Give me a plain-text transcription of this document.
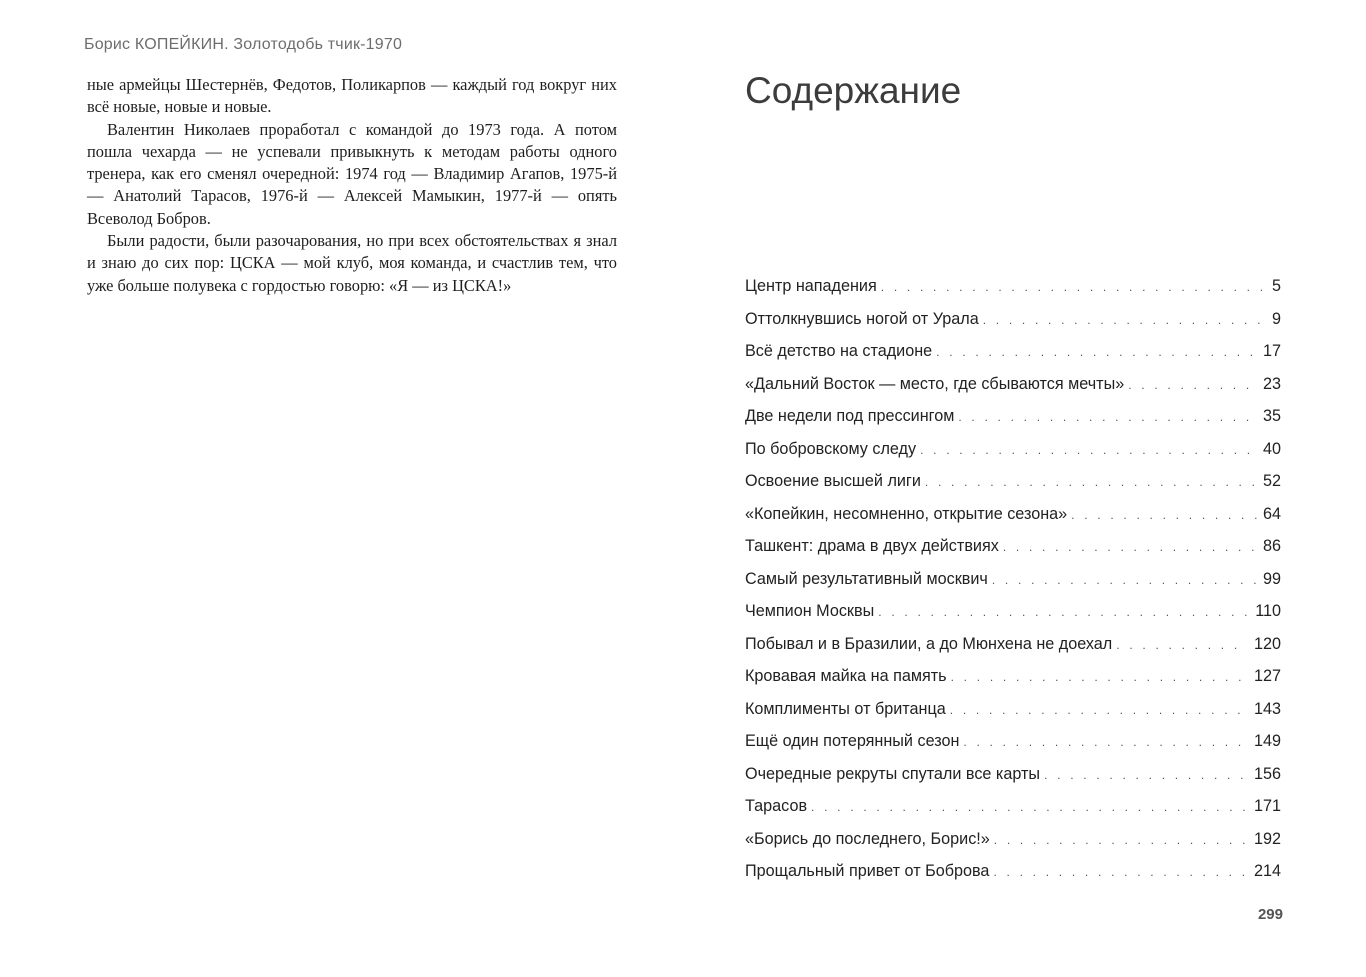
Борис КОПЕЙКИН. Золотодобь тчик-1970

ные армейцы Шестернёв, Федотов, Поликарпов — каждый год вокруг них всё новые, новые и новые.

Валентин Николаев проработал с командой до 1973 года. А потом пошла чехарда — не успевали привыкнуть к методам работы одного тренера, как его сменял очередной: 1974 год — Владимир Агапов, 1975-й — Анатолий Тарасов, 1976-й — Алексей Мамыкин, 1977-й — опять Всеволод Бобров.

Были радости, были разочарования, но при всех обстоятельствах я знал и знаю до сих пор: ЦСКА — мой клуб, моя команда, и счастлив тем, что уже больше полувека с гордостью говорю: «Я — из ЦСКА!»

Содержание
Центр нападения . . .	5
Оттолкнувшись ногой от Урала . . .	9
Всё детство на стадионе . . .	17
«Дальний Восток — место, где сбываются мечты» . . .	23
Две недели под прессингом . . .	35
По бобровскому следу . . .	40
Освоение высшей лиги . . .	52
«Копейкин, несомненно, открытие сезона» . . .	64
Ташкент: драма в двух действиях . . .	86
Самый результативный москвич . . .	99
Чемпион Москвы . . .	110
Побывал и в Бразилии, а до Мюнхена не доехал . . .	120
Кровавая майка на память . . .	127
Комплименты от британца . . .	143
Ещё один потерянный сезон . . .	149
Очередные рекруты спутали все карты . . .	156
Тарасов . . .	171
«Борись до последнего, Борис!» . . .	192
Прощальный привет от Боброва . . .	214
299
